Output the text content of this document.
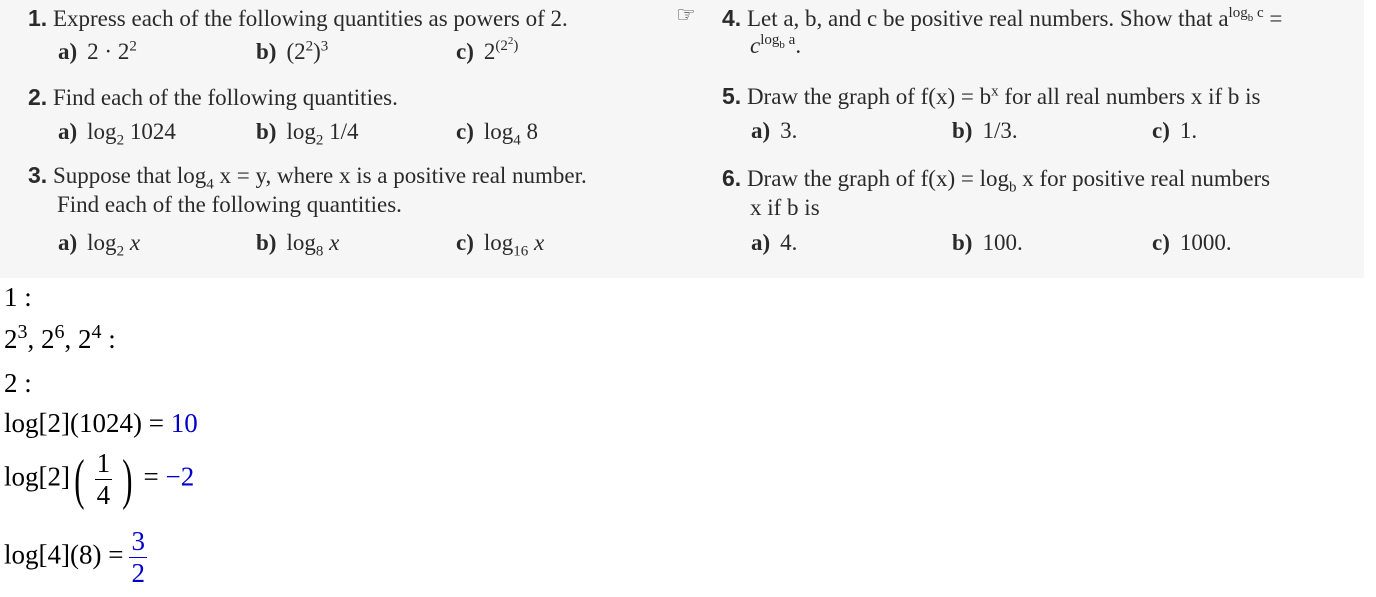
☞
1. Express each of the following quantities as powers of 2.
a) $2 \cdot 2^2$	b) $(2^2)^3$	c) 2$^{(2^2)}$
2. Find each of the following quantities.
a) $\log_2 1024$	b) $\log_2 1/4$	c) $\log_4 8$
3. Suppose that $\log_4 x = y$, where x is a positive real number.
Find each of the following quantities.
a) $\log_2 x$	b) $\log_8 x$	c) $\log_{16} x$
4. Let a, b, and c be positive real numbers. Show that $a^{log_b c}$ =
$c^{log_b a}$.
5. Draw the graph of $f(x) = b^x$ for all real numbers x if b is
a) 3.	b) 1/3.	c) 1.
6. Draw the graph of $f(x) = \log_b x$ for positive real numbers
x if b is
a) 4.	b) 100.	c) 1000.
1 :
$2^3$, $2^6$, $2^4$ :
2 :
log[2](1024) = 10
$\log[2]( \frac{1}{4}$ ) = −2
$\log[4](8) = \frac{3}{2}$
